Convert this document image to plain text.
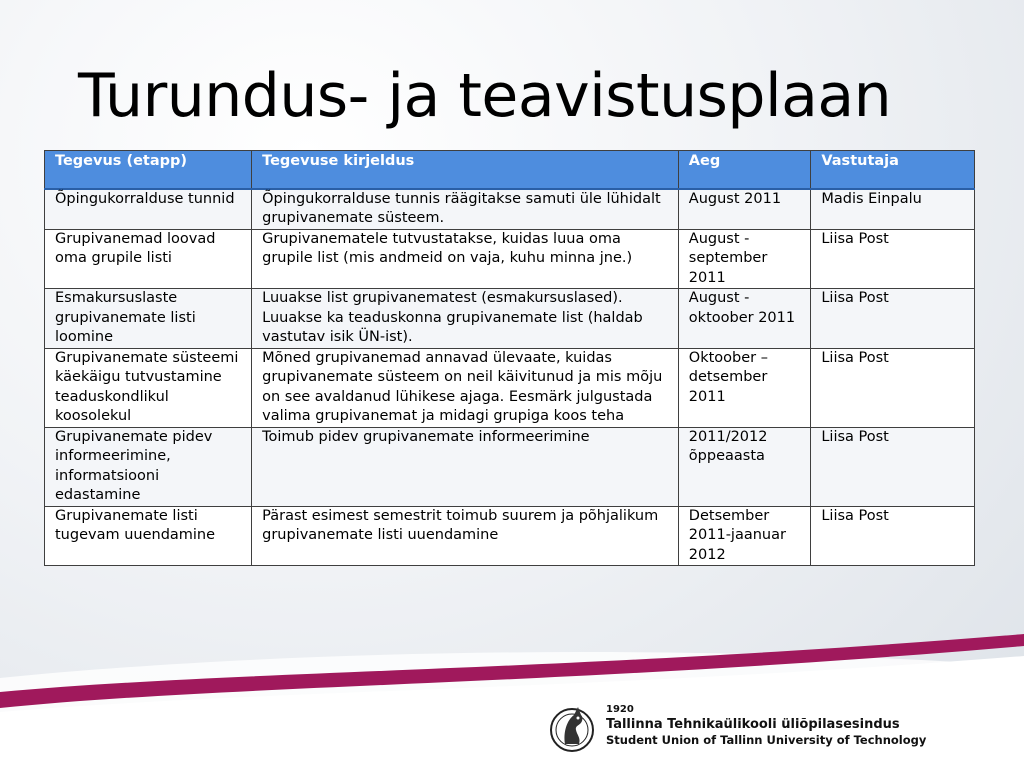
Turundus- ja teavistusplaan
Tegevus (etapp)	Tegevuse kirjeldus	Aeg	Vastutaja
Õpingukorralduse tunnid	Õpingukorralduse tunnis räägitakse samuti üle lühidalt grupivanemate süsteem.	August 2011	Madis Einpalu
Grupivanemad loovad oma grupile listi	Grupivanematele tutvustatakse, kuidas luua oma grupile list (mis andmeid on vaja, kuhu minna jne.)	August - september 2011	Liisa Post
Esmakursuslaste grupivanemate listi loomine	Luuakse list grupivanematest (esmakursuslased). Luuakse ka teaduskonna grupivanemate list (haldab vastutav isik ÜN-ist).	August - oktoober 2011	Liisa Post
Grupivanemate süsteemi käekäigu tutvustamine teaduskondlikul koosolekul	Mõned grupivanemad annavad ülevaate, kuidas grupivanemate süsteem on neil käivitunud ja mis mõju on see avaldanud lühikese ajaga. Eesmärk julgustada valima grupivanemat ja midagi grupiga koos teha	Oktoober – detsember 2011	Liisa Post
Grupivanemate pidev informeerimine, informatsiooni edastamine	Toimub pidev grupivanemate informeerimine	2011/2012 õppeaasta	Liisa Post
Grupivanemate listi tugevam uuendamine	Pärast esimest semestrit toimub suurem ja põhjalikum grupivanemate listi uuendamine	Detsember 2011-jaanuar 2012	Liisa Post
1920
Tallinna Tehnikaülikooli üliõpilasesindus
Student Union of Tallinn University of Technology
